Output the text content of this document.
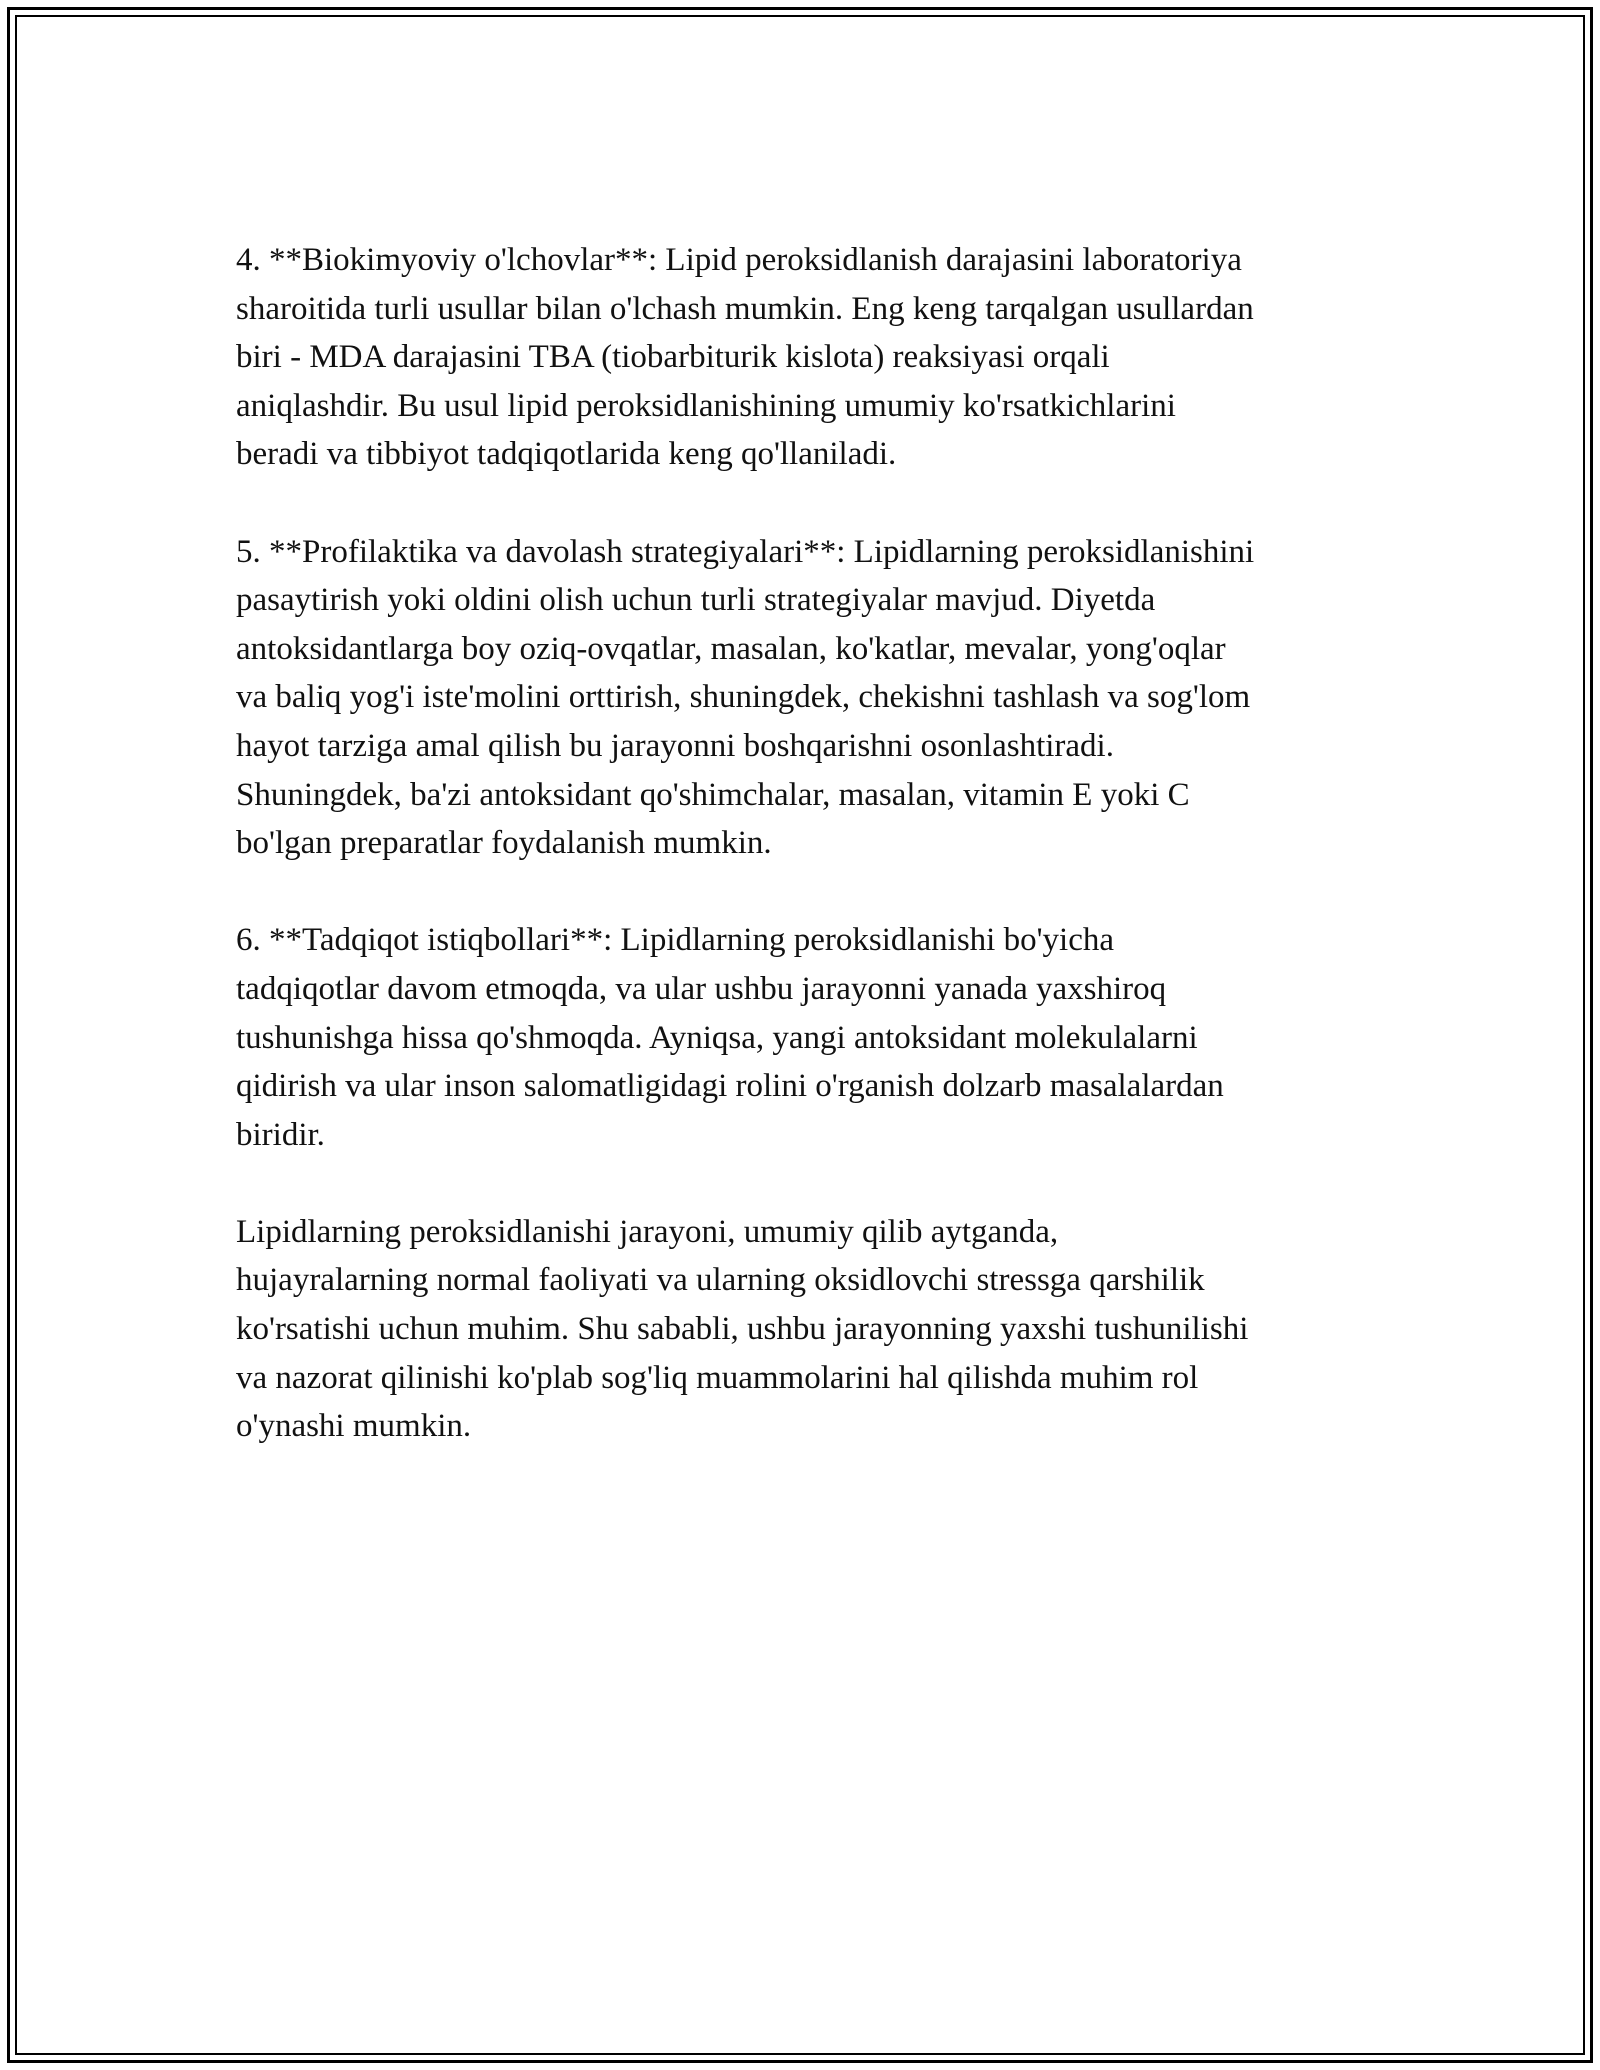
4. **Biokimyoviy o'lchovlar**: Lipid peroksidlanish darajasini laboratoriya
sharoitida turli usullar bilan o'lchash mumkin. Eng keng tarqalgan usullardan
biri - MDA darajasini TBA (tiobarbiturik kislota) reaksiyasi orqali
aniqlashdir. Bu usul lipid peroksidlanishining umumiy ko'rsatkichlarini
beradi va tibbiyot tadqiqotlarida keng qo'llaniladi.

5. **Profilaktika va davolash strategiyalari**: Lipidlarning peroksidlanishini
pasaytirish yoki oldini olish uchun turli strategiyalar mavjud. Diyetda
antoksidantlarga boy oziq-ovqatlar, masalan, ko'katlar, mevalar, yong'oqlar
va baliq yog'i iste'molini orttirish, shuningdek, chekishni tashlash va sog'lom
hayot tarziga amal qilish bu jarayonni boshqarishni osonlashtiradi.
Shuningdek, ba'zi antoksidant qo'shimchalar, masalan, vitamin E yoki C
bo'lgan preparatlar foydalanish mumkin.

6. **Tadqiqot istiqbollari**: Lipidlarning peroksidlanishi bo'yicha
tadqiqotlar davom etmoqda, va ular ushbu jarayonni yanada yaxshiroq
tushunishga hissa qo'shmoqda. Ayniqsa, yangi antoksidant molekulalarni
qidirish va ular inson salomatligidagi rolini o'rganish dolzarb masalalardan
biridir.

Lipidlarning peroksidlanishi jarayoni, umumiy qilib aytganda,
hujayralarning normal faoliyati va ularning oksidlovchi stressga qarshilik
ko'rsatishi uchun muhim. Shu sababli, ushbu jarayonning yaxshi tushunilishi
va nazorat qilinishi ko'plab sog'liq muammolarini hal qilishda muhim rol
o'ynashi mumkin.
